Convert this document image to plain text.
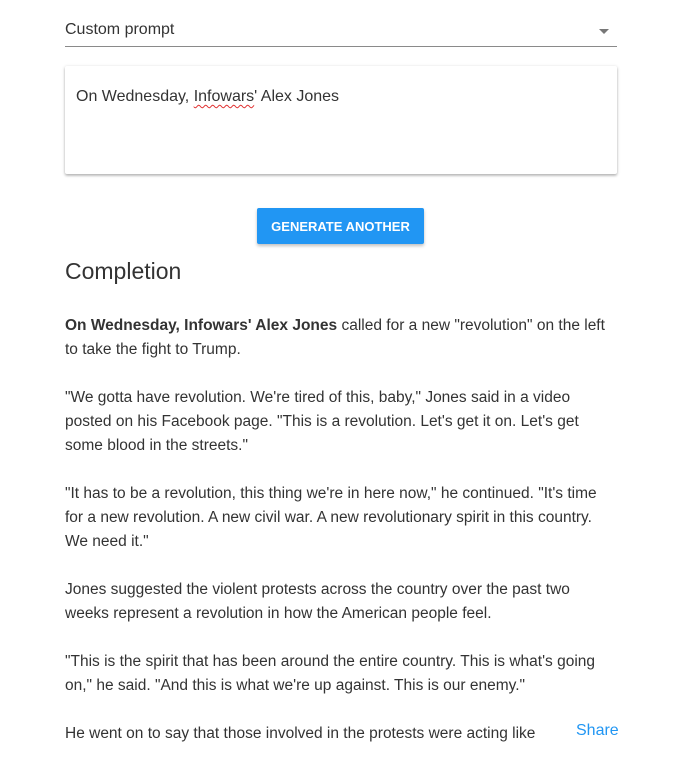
Custom prompt
On Wednesday, Infowars' Alex Jones
GENERATE ANOTHER
Completion

On Wednesday, Infowars' Alex Jones called for a new "revolution" on the left
to take the fight to Trump.

"We gotta have revolution. We're tired of this, baby," Jones said in a video
posted on his Facebook page. "This is a revolution. Let's get it on. Let's get
some blood in the streets."

"It has to be a revolution, this thing we're in here now," he continued. "It's time
for a new revolution. A new civil war. A new revolutionary spirit in this country.
We need it."

Jones suggested the violent protests across the country over the past two
weeks represent a revolution in how the American people feel.

"This is the spirit that has been around the entire country. This is what's going
on," he said. "And this is what we're up against. This is our enemy."

He went on to say that those involved in the protests were acting like	Share
